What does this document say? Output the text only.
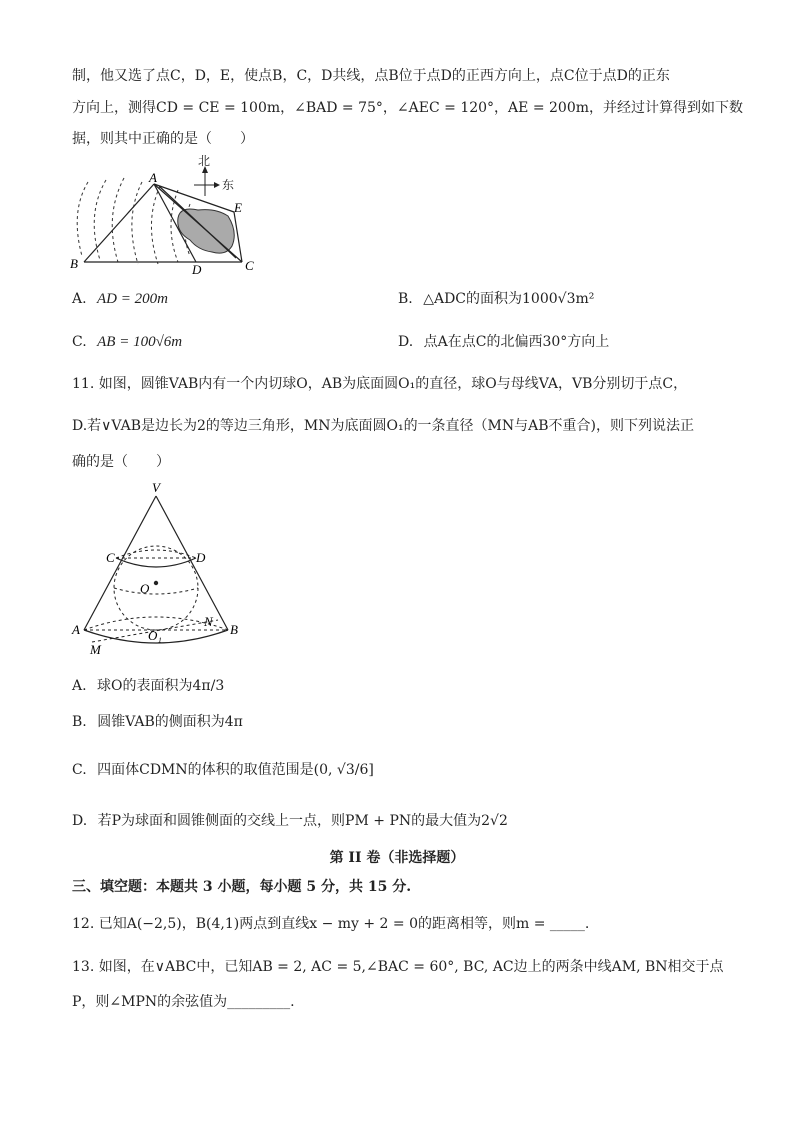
制，他又选了点C，D，E，使点B，C，D共线，点B位于点D的正西方向上，点C位于点D的正东
方向上，测得CD = CE = 100m，∠BAD = 75°，∠AEC = 120°，AE = 200m，并经过计算得到如下数
据，则其中正确的是（　　）
北
东
A
B	C
D
E
A. AD = 200m	B. △ADC的面积为1000√3m²
C. AB = 100√6m	D. 点A在点C的北偏西30°方向上
11. 如图，圆锥VAB内有一个内切球O，AB为底面圆O₁的直径，球O与母线VA，VB分别切于点C，
D.若∨VAB是边长为2的等边三角形，MN为底面圆O₁的一条直径（MN与AB不重合)，则下列说法正
确的是（　　）
V
C	D
O
A	B
N
M
O₁
A. 球O的表面积为4π/3
B. 圆锥VAB的侧面积为4π
C. 四面体CDMN的体积的取值范围是(0, √3/6]
D. 若P为球面和圆锥侧面的交线上一点，则PM + PN的最大值为2√2
第 II 卷（非选择题）
三、填空题：本题共 3 小题，每小题 5 分，共 15 分.
12. 已知A(−2,5)，B(4,1)两点到直线x − my + 2 = 0的距离相等，则m = _____.
13. 如图，在∨ABC中，已知AB = 2, AC = 5,∠BAC = 60°, BC, AC边上的两条中线AM, BN相交于点
P，则∠MPN的余弦值为_________.
